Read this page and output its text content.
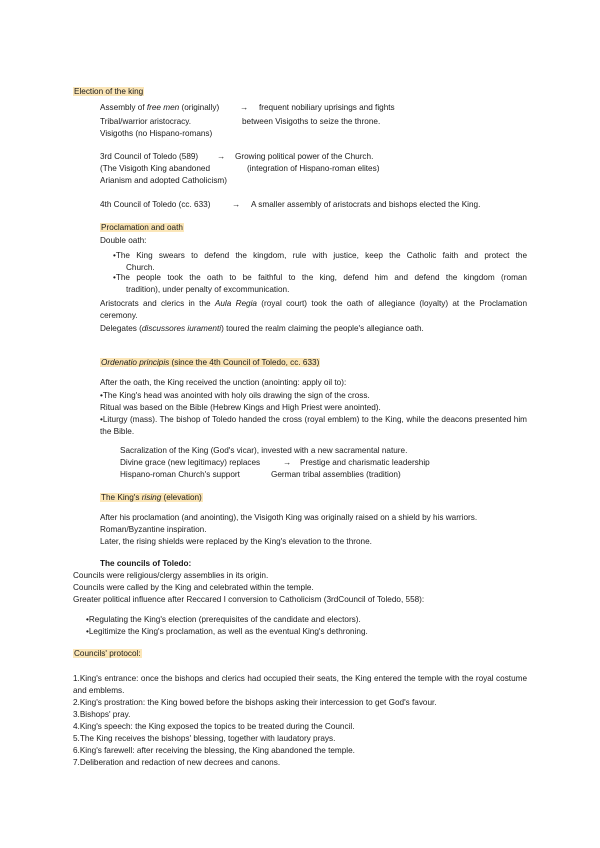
Election of the king
Assembly of free men (originally)	→ frequent nobiliary uprisings and fights
Tribal/warrior aristocracy.	between Visigoths to seize the throne.
Visigoths (no Hispano-romans)
3rd Council of Toledo (589) → Growing political power of the Church.
(The Visigoth King abandoned	(integration of Hispano-roman elites)
Arianism and adopted Catholicism)
4th Council of Toledo (cc. 633)	→ A smaller assembly of aristocrats and bishops elected the King.
Proclamation and oath
Double oath:
•The King swears to defend the kingdom, rule with justice, keep the Catholic faith and protect the
Church.
•The people took the oath to be faithful to the king, defend him and defend the kingdom (roman
tradition), under penalty of excommunication.
Aristocrats and clerics in the Aula Regia (royal court) took the oath of allegiance (loyalty) at the Proclamation ceremony.
Delegates (discussores iuramenti) toured the realm claiming the people's allegiance oath.
Ordenatio principis (since the 4th Council of Toledo, cc. 633)
After the oath, the King received the unction (anointing: apply oil to):
•The King's head was anointed with holy oils drawing the sign of the cross.
Ritual was based on the Bible (Hebrew Kings and High Priest were anointed).
•Liturgy (mass). The bishop of Toledo handed the cross (royal emblem) to the King, while the deacons presented him the Bible.
Sacralization of the King (God's vicar), invested with a new sacramental nature.
Divine grace (new legitimacy) replaces	→ Prestige and charismatic leadership
Hispano-roman Church's support	German tribal assemblies (tradition)
The King's rising (elevation)
After his proclamation (and anointing), the Visigoth King was originally raised on a shield by his warriors.
Roman/Byzantine inspiration.
Later, the rising shields were replaced by the King's elevation to the throne.
The councils of Toledo:
Councils were religious/clergy assemblies in its origin.
Councils were called by the King and celebrated within the temple.
Greater political influence after Reccared I conversion to Catholicism (3rdCouncil of Toledo, 558):
•Regulating the King's election (prerequisites of the candidate and electors).
•Legitimize the King's proclamation, as well as the eventual King's dethroning.
Councils' protocol:
1.King's entrance: once the bishops and clerics had occupied their seats, the King entered the temple with the royal costume and emblems.
2.King's prostration: the King bowed before the bishops asking their intercession to get God's favour.
3.Bishops' pray.
4.King's speech: the King exposed the topics to be treated during the Council.
5.The King receives the bishops' blessing, together with laudatory prays.
6.King's farewell: after receiving the blessing, the King abandoned the temple.
7.Deliberation and redaction of new decrees and canons.
